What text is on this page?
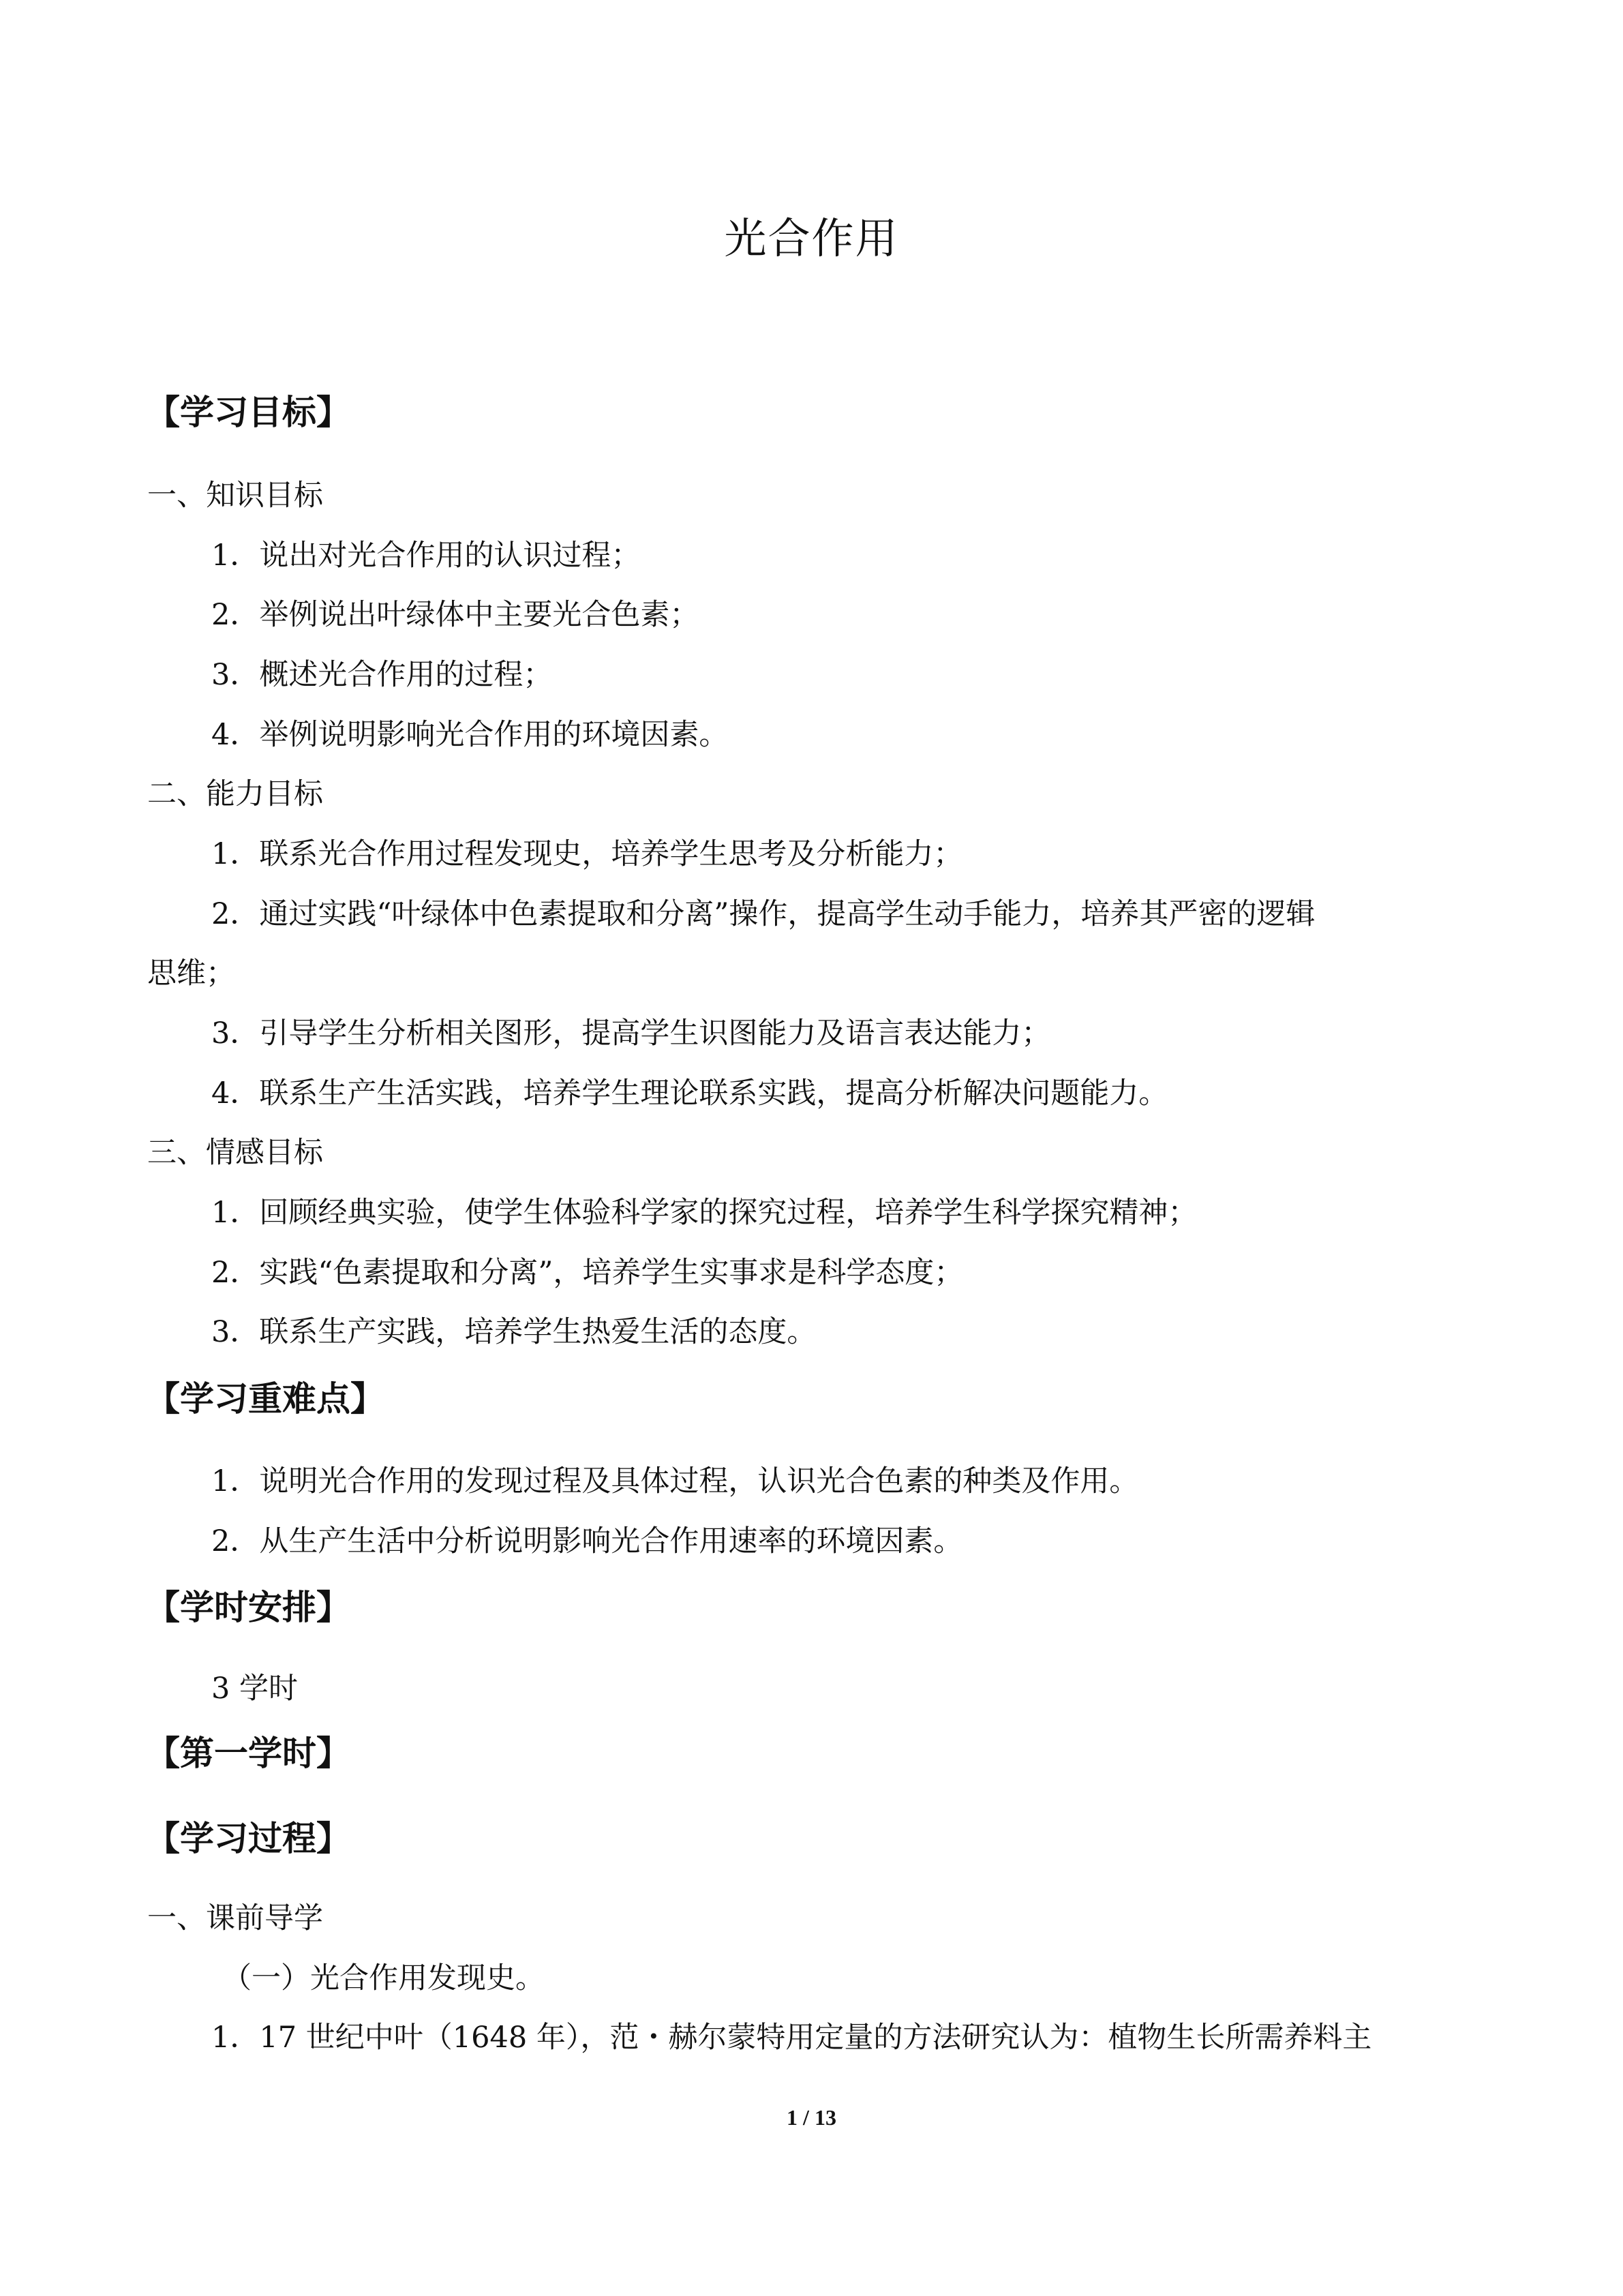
光合作用
【学习目标】
一、知识目标
1．说出对光合作用的认识过程；
2．举例说出叶绿体中主要光合色素；
3．概述光合作用的过程；
4．举例说明影响光合作用的环境因素。
二、能力目标
1．联系光合作用过程发现史，培养学生思考及分析能力；
2．通过实践“叶绿体中色素提取和分离”操作，提高学生动手能力，培养其严密的逻辑
思维；
3．引导学生分析相关图形，提高学生识图能力及语言表达能力；
4．联系生产生活实践，培养学生理论联系实践，提高分析解决问题能力。
三、情感目标
1．回顾经典实验，使学生体验科学家的探究过程，培养学生科学探究精神；
2．实践“色素提取和分离”，培养学生实事求是科学态度；
3．联系生产实践，培养学生热爱生活的态度。
【学习重难点】
1．说明光合作用的发现过程及具体过程，认识光合色素的种类及作用。
2．从生产生活中分析说明影响光合作用速率的环境因素。
【学时安排】
3 学时
【第一学时】
【学习过程】
一、课前导学
（一）光合作用发现史。
1．17 世纪中叶（1648 年），范・赫尔蒙特用定量的方法研究认为：植物生长所需养料主
1 / 13
